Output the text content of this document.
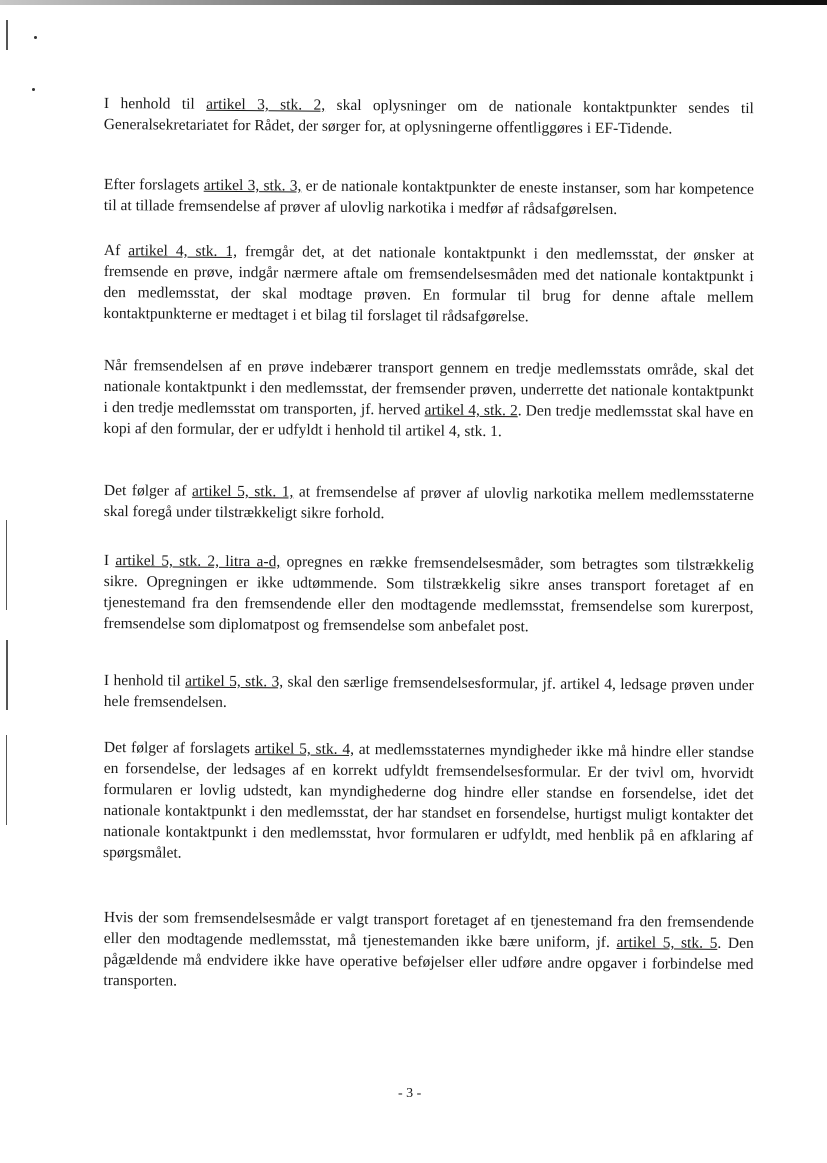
I henhold til artikel 3, stk. 2, skal oplysninger om de nationale kontaktpunkter sendes til Generalsekretariatet for Rådet, der sørger for, at oplysningerne offentliggøres i EF-Tidende.
Efter forslagets artikel 3, stk. 3, er de nationale kontaktpunkter de eneste instanser, som har kompetence til at tillade fremsendelse af prøver af ulovlig narkotika i medfør af rådsafgørelsen.
Af artikel 4, stk. 1, fremgår det, at det nationale kontaktpunkt i den medlemsstat, der ønsker at fremsende en prøve, indgår nærmere aftale om fremsendelsesmåden med det nationale kontaktpunkt i den medlemsstat, der skal modtage prøven. En formular til brug for denne aftale mellem kontaktpunkterne er medtaget i et bilag til forslaget til rådsafgørelse.
Når fremsendelsen af en prøve indebærer transport gennem en tredje medlemsstats område, skal det nationale kontaktpunkt i den medlemsstat, der fremsender prøven, underrette det nationale kontaktpunkt i den tredje medlemsstat om transporten, jf. herved artikel 4, stk. 2. Den tredje medlemsstat skal have en kopi af den formular, der er udfyldt i henhold til artikel 4, stk. 1.
Det følger af artikel 5, stk. 1, at fremsendelse af prøver af ulovlig narkotika mellem medlemsstaterne skal foregå under tilstrækkeligt sikre forhold.
I artikel 5, stk. 2, litra a-d, opregnes en række fremsendelsesmåder, som betragtes som tilstrækkelig sikre. Opregningen er ikke udtømmende. Som tilstrækkelig sikre anses transport foretaget af en tjenestemand fra den fremsendende eller den modtagende medlemsstat, fremsendelse som kurerpost, fremsendelse som diplomatpost og fremsendelse som anbefalet post.
I henhold til artikel 5, stk. 3, skal den særlige fremsendelsesformular, jf. artikel 4, ledsage prøven under hele fremsendelsen.
Det følger af forslagets artikel 5, stk. 4, at medlemsstaternes myndigheder ikke må hindre eller standse en forsendelse, der ledsages af en korrekt udfyldt fremsendelsesformular. Er der tvivl om, hvorvidt formularen er lovlig udstedt, kan myndighederne dog hindre eller standse en forsendelse, idet det nationale kontaktpunkt i den medlemsstat, der har standset en forsendelse, hurtigst muligt kontakter det nationale kontaktpunkt i den medlemsstat, hvor formularen er udfyldt, med henblik på en afklaring af spørgsmålet.
Hvis der som fremsendelsesmåde er valgt transport foretaget af en tjenestemand fra den fremsendende eller den modtagende medlemsstat, må tjenestemanden ikke bære uniform, jf. artikel 5, stk. 5. Den pågældende må endvidere ikke have operative beføjelser eller udføre andre opgaver i forbindelse med transporten.
- 3 -
